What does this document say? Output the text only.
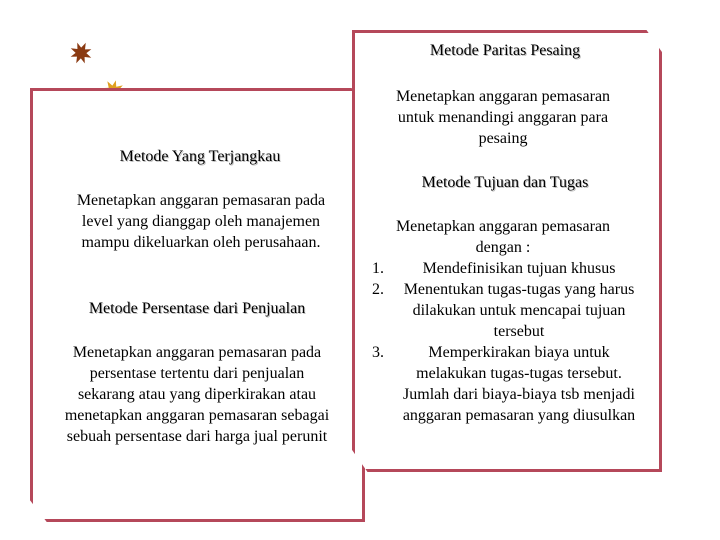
Metode Yang Terjangkau
Menetapkan anggaran pemasaran pada level yang dianggap oleh manajemen mampu dikeluarkan oleh perusahaan.
Metode Persentase dari Penjualan
Menetapkan anggaran pemasaran pada persentase tertentu dari penjualan sekarang atau yang diperkirakan atau menetapkan anggaran pemasaran sebagai sebuah persentase dari harga jual perunit
Metode Paritas Pesaing
Menetapkan anggaran pemasaran untuk menandingi anggaran para pesaing
Metode Tujuan dan Tugas
Menetapkan anggaran pemasaran dengan :
1. Mendefinisikan tujuan khusus
2. Menentukan tugas-tugas yang harus dilakukan untuk mencapai tujuan tersebut
3. Memperkirakan biaya untuk melakukan tugas-tugas tersebut. Jumlah dari biaya-biaya tsb menjadi anggaran pemasaran yang diusulkan
